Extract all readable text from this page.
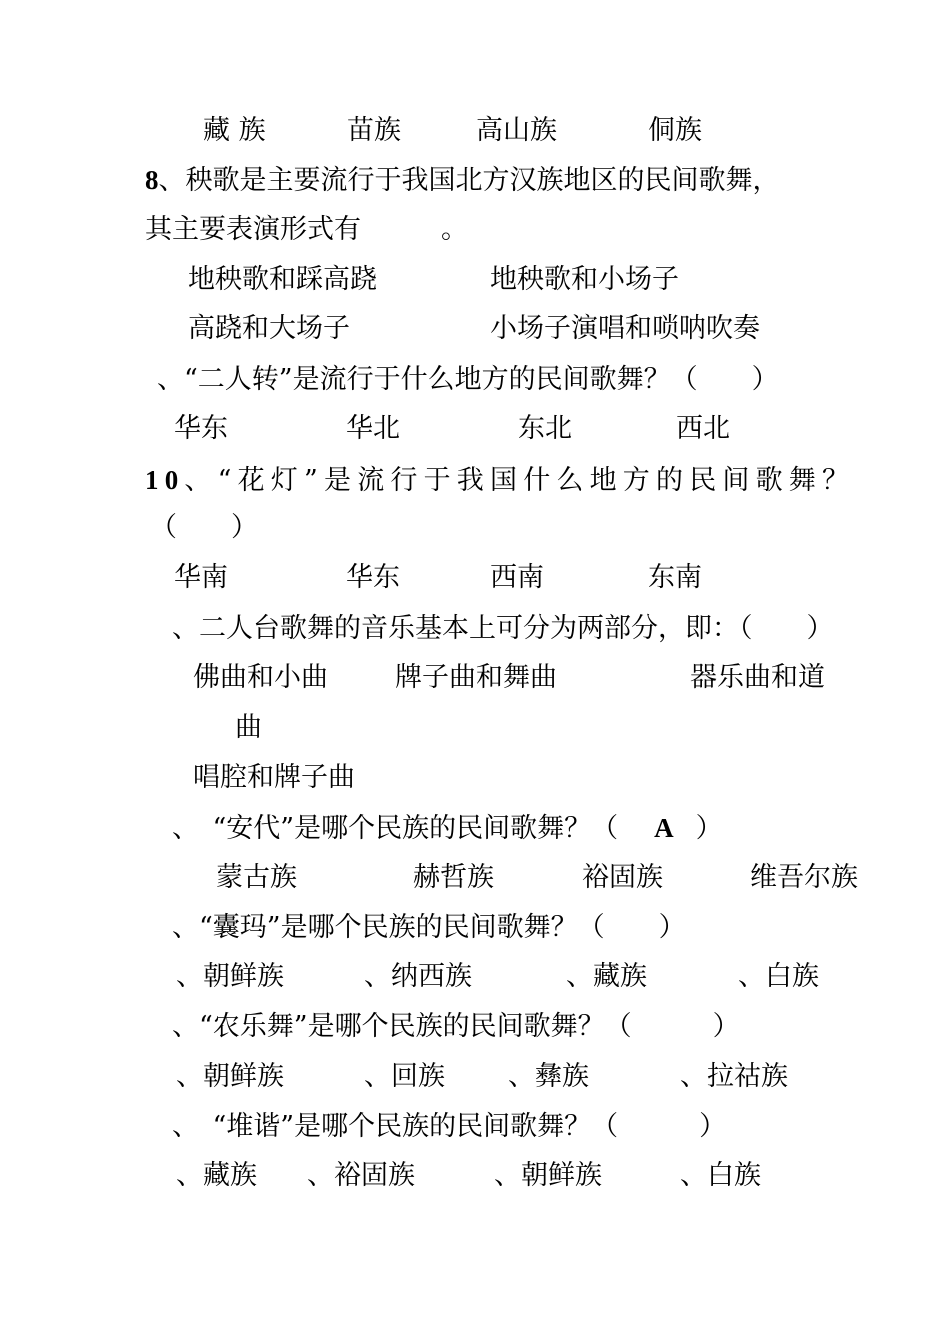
藏 族	苗族	高山族	侗族
8、秧歌是主要流行于我国北方汉族地区的民间歌舞，
其主要表演形式有	。
地秧歌和踩高跷	地秧歌和小场子
高跷和大场子	小场子演唱和唢呐吹奏
、“二人转”是流行于什么地方的民间歌舞？（　　）
华东	华北	东北	西北
10、“花灯”是流行于我国什么地方的民间歌舞？
（　　）
华南	华东	西南	东南
、二人台歌舞的音乐基本上可分为两部分，即：（　　）
佛曲和小曲 牌子曲和舞曲	器乐曲和道
曲
唱腔和牌子曲
、　“安代”是哪个民族的民间歌舞？（ A ）
蒙古族	赫哲族	裕固族	维吾尔族
、“囊玛”是哪个民族的民间歌舞？（　　）
、朝鲜族	、纳西族	、藏族	、白族
、“农乐舞”是哪个民族的民间歌舞？（　　　）
、朝鲜族	、回族 、彝族	、拉祜族
、　“堆谐”是哪个民族的民间歌舞？（　　　）
、藏族 、裕固族	、朝鲜族	、白族
